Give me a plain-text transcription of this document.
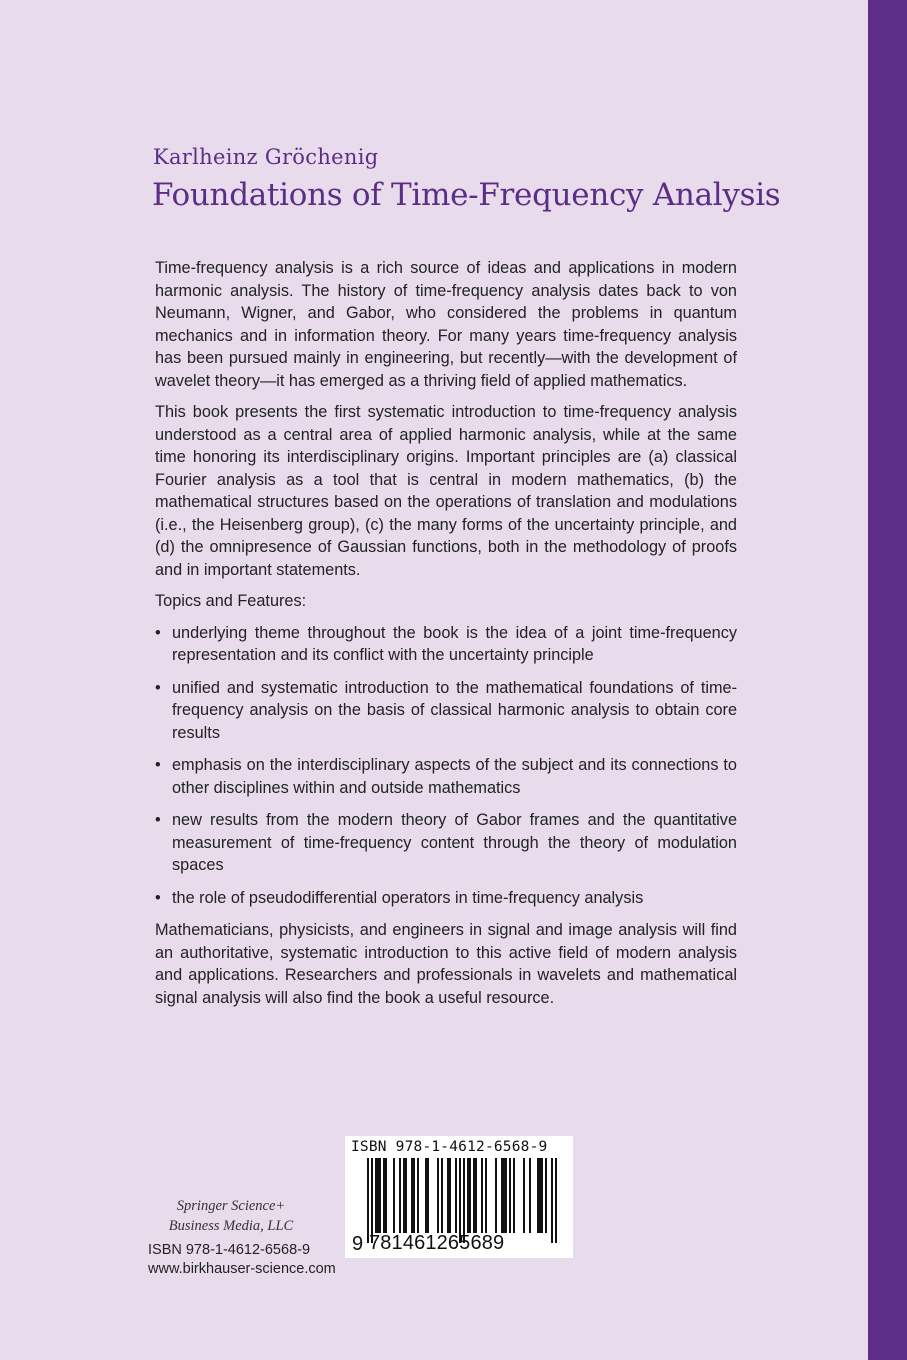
Karlheinz Gröchenig
Foundations of Time-Frequency Analysis

Time-frequency analysis is a rich source of ideas and applications in modern harmonic analysis. The history of time-frequency analysis dates back to von Neumann, Wigner, and Gabor, who considered the problems in quantum mechanics and in information theory. For many years time-frequency analysis has been pursued mainly in engineering, but recently—with the development of wavelet theory—it has emerged as a thriving field of applied mathematics.

This book presents the first systematic introduction to time-frequency analysis understood as a central area of applied harmonic analysis, while at the same time honoring its interdisciplinary origins. Important principles are (a) classical Fourier analysis as a tool that is central in modern mathematics, (b) the mathematical structures based on the operations of translation and modulations (i.e., the Heisenberg group), (c) the many forms of the uncertainty principle, and (d) the omnipresence of Gaussian functions, both in the methodology of proofs and in important statements.

Topics and Features:

• underlying theme throughout the book is the idea of a joint time-frequency representation and its conflict with the uncertainty principle
• unified and systematic introduction to the mathematical foundations of time-frequency analysis on the basis of classical harmonic analysis to obtain core results
• emphasis on the interdisciplinary aspects of the subject and its connections to other disciplines within and outside mathematics
• new results from the modern theory of Gabor frames and the quantitative measurement of time-frequency content through the theory of modulation spaces
• the role of pseudodifferential operators in time-frequency analysis

Mathematicians, physicists, and engineers in signal and image analysis will find an authoritative, systematic introduction to this active field of modern analysis and applications. Researchers and professionals in wavelets and mathematical signal analysis will also find the book a useful resource.

Springer Science+
Business Media, LLC
ISBN 978-1-4612-6568-9
www.birkhauser-science.com
ISBN 978-1-4612-6568-9
9 781461265689
